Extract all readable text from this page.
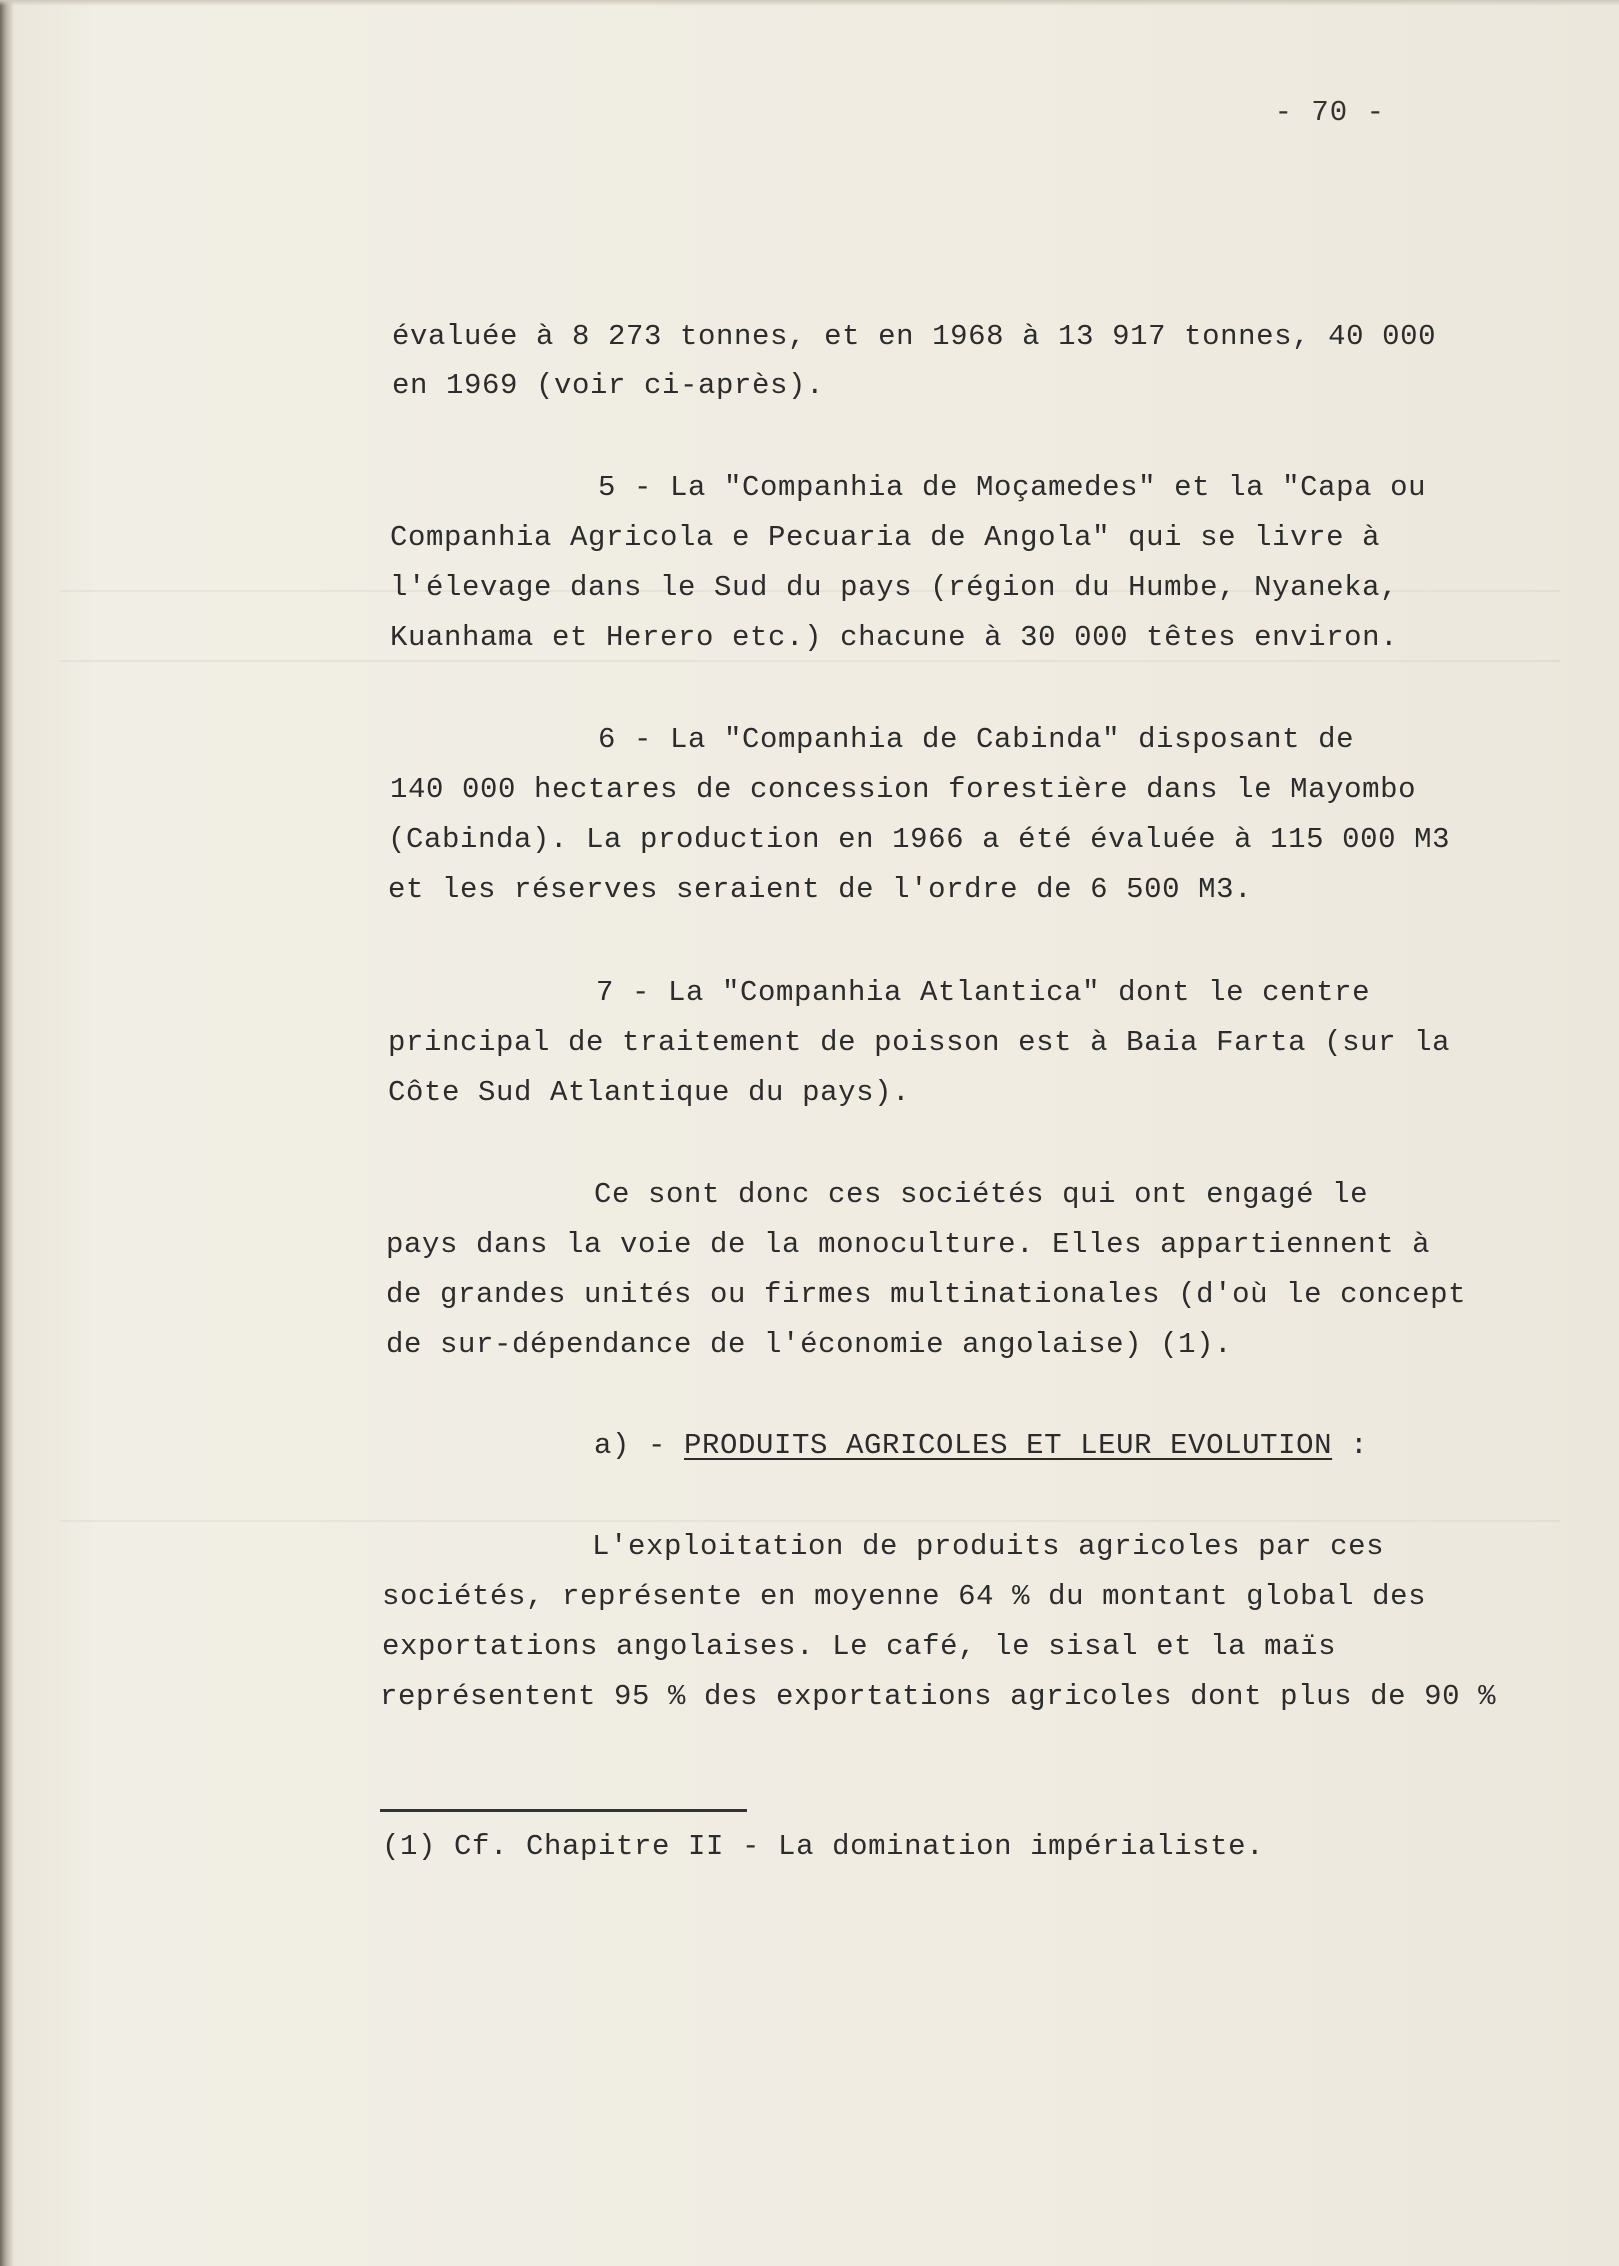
- 70 -
évaluée à 8 273 tonnes, et en 1968 à 13 917 tonnes, 40 000
en 1969 (voir ci-après).
5 - La "Companhia de Moçamedes" et la "Capa ou
Companhia Agricola e Pecuaria de Angola" qui se livre à
l'élevage dans le Sud du pays (région du Humbe, Nyaneka,
Kuanhama et Herero etc.) chacune à 30 000 têtes environ.
6 - La "Companhia de Cabinda" disposant de
140 000 hectares de concession forestière dans le Mayombo
(Cabinda). La production en 1966 a été évaluée à 115 000 M3
et les réserves seraient de l'ordre de 6 500 M3.
7 - La "Companhia Atlantica" dont le centre
principal de traitement de poisson est à Baia Farta (sur la
Côte Sud Atlantique du pays).
Ce sont donc ces sociétés qui ont engagé le
pays dans la voie de la monoculture. Elles appartiennent à
de grandes unités ou firmes multinationales (d'où le concept
de sur-dépendance de l'économie angolaise) (1).
a) - PRODUITS AGRICOLES ET LEUR EVOLUTION :
L'exploitation de produits agricoles par ces
sociétés, représente en moyenne 64 % du montant global des
exportations angolaises. Le café, le sisal et la maïs
représentent 95 % des exportations agricoles dont plus de 90 %
(1) Cf. Chapitre II - La domination impérialiste.
